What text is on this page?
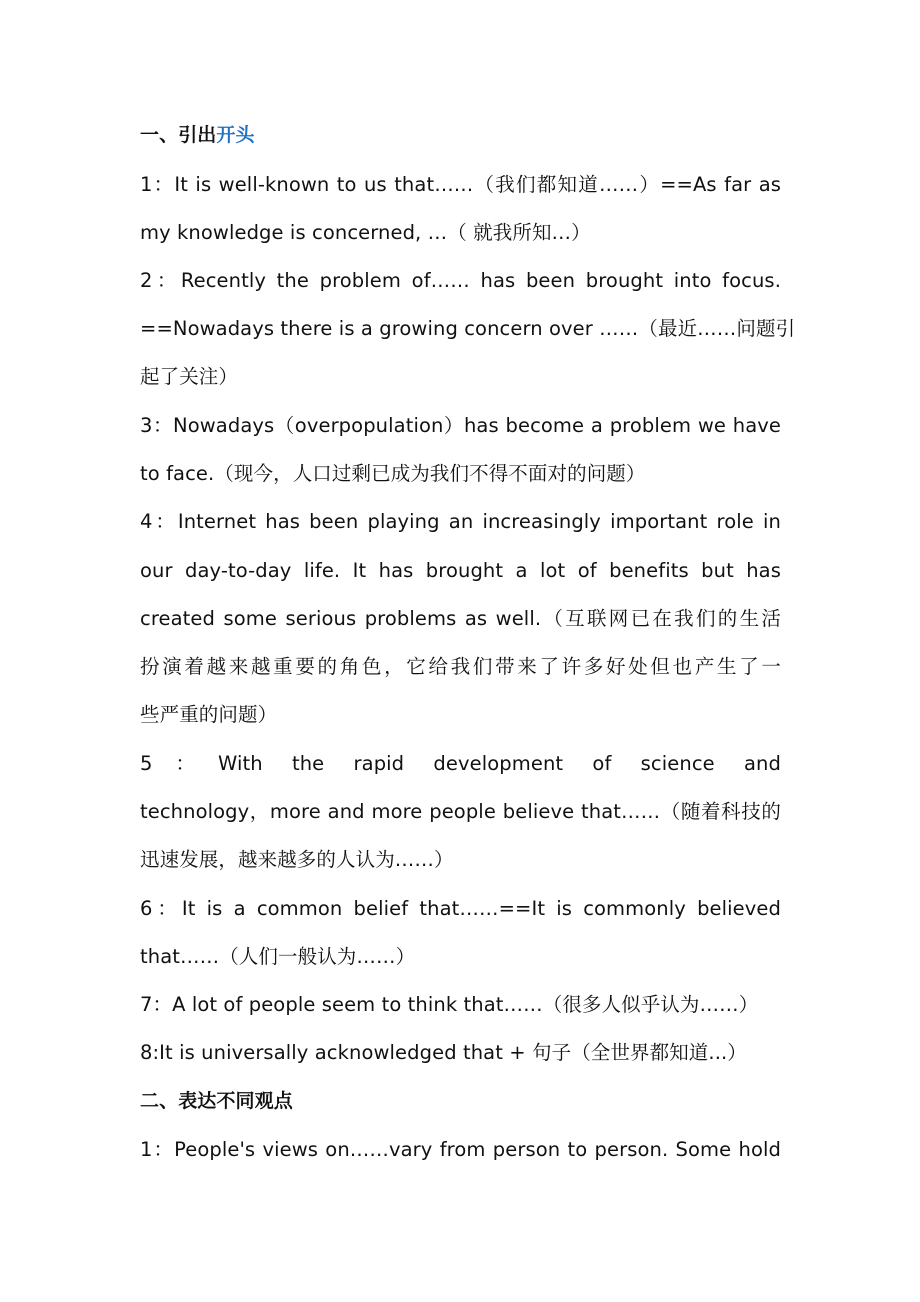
一、引出开头
1：It is well-known to us that……（我们都知道……）==As far as
my knowledge is concerned, …（ 就我所知…）
2：Recently the problem of…… has been brought into focus.
==Nowadays there is a growing concern over ……（最近……问题引
起了关注）
3：Nowadays（overpopulation）has become a problem we have
to face.（现今，人口过剩已成为我们不得不面对的问题）
4：Internet has been playing an increasingly important role in
our day-to-day life. It has brought a lot of benefits but has
created some serious problems as well.（互联网已在我们的生活
扮演着越来越重要的角色，它给我们带来了许多好处但也产生了一
些严重的问题）
5：With the rapid development of science and
technology，more and more people believe that……（随着科技的
迅速发展，越来越多的人认为……）
6：It is a common belief that……==It is commonly believed
that……（人们一般认为……）
7：A lot of people seem to think that……（很多人似乎认为……）
8:It is universally acknowledged that + 句子（全世界都知道...）
二、表达不同观点
1：People's views on……vary from person to person. Some hold
